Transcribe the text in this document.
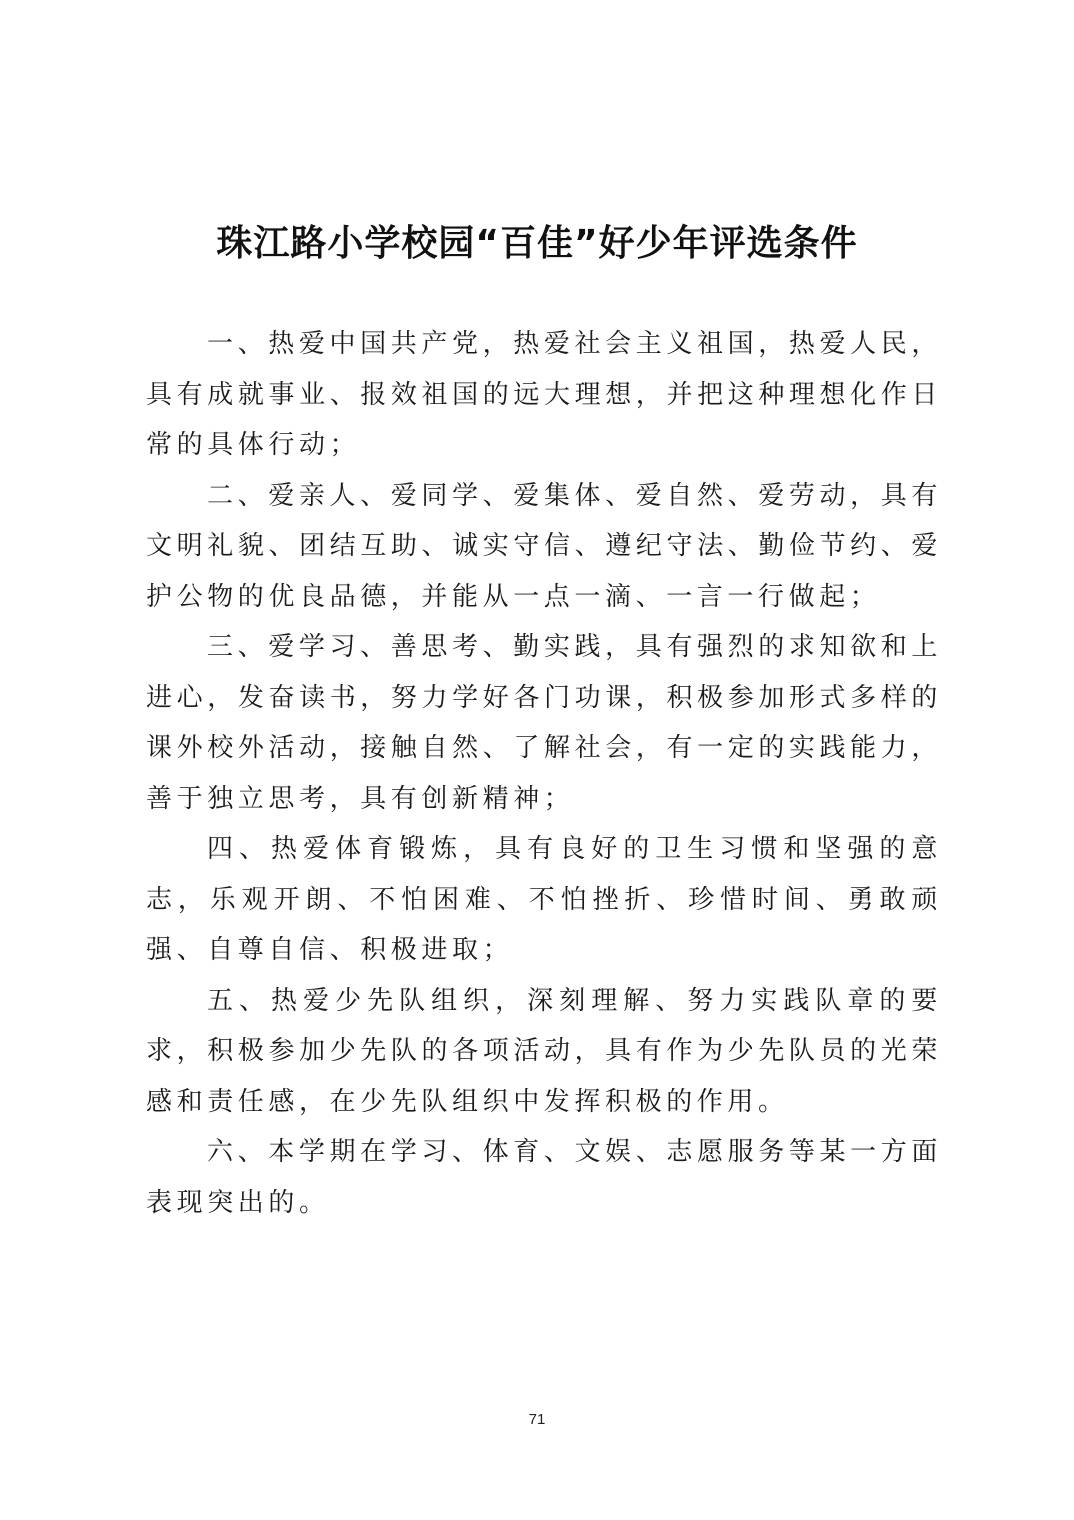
珠江路小学校园“百佳”好少年评选条件

一、热爱中国共产党，热爱社会主义祖国，热爱人民，具有成就事业、报效祖国的远大理想，并把这种理想化作日常的具体行动；

二、爱亲人、爱同学、爱集体、爱自然、爱劳动，具有文明礼貌、团结互助、诚实守信、遵纪守法、勤俭节约、爱护公物的优良品德，并能从一点一滴、一言一行做起；

三、爱学习、善思考、勤实践，具有强烈的求知欲和上进心，发奋读书，努力学好各门功课，积极参加形式多样的课外校外活动，接触自然、了解社会，有一定的实践能力，善于独立思考，具有创新精神；

四、热爱体育锻炼，具有良好的卫生习惯和坚强的意志，乐观开朗、不怕困难、不怕挫折、珍惜时间、勇敢顽强、自尊自信、积极进取；

五、热爱少先队组织，深刻理解、努力实践队章的要求，积极参加少先队的各项活动，具有作为少先队员的光荣感和责任感，在少先队组织中发挥积极的作用。

六、本学期在学习、体育、文娱、志愿服务等某一方面表现突出的。

71
